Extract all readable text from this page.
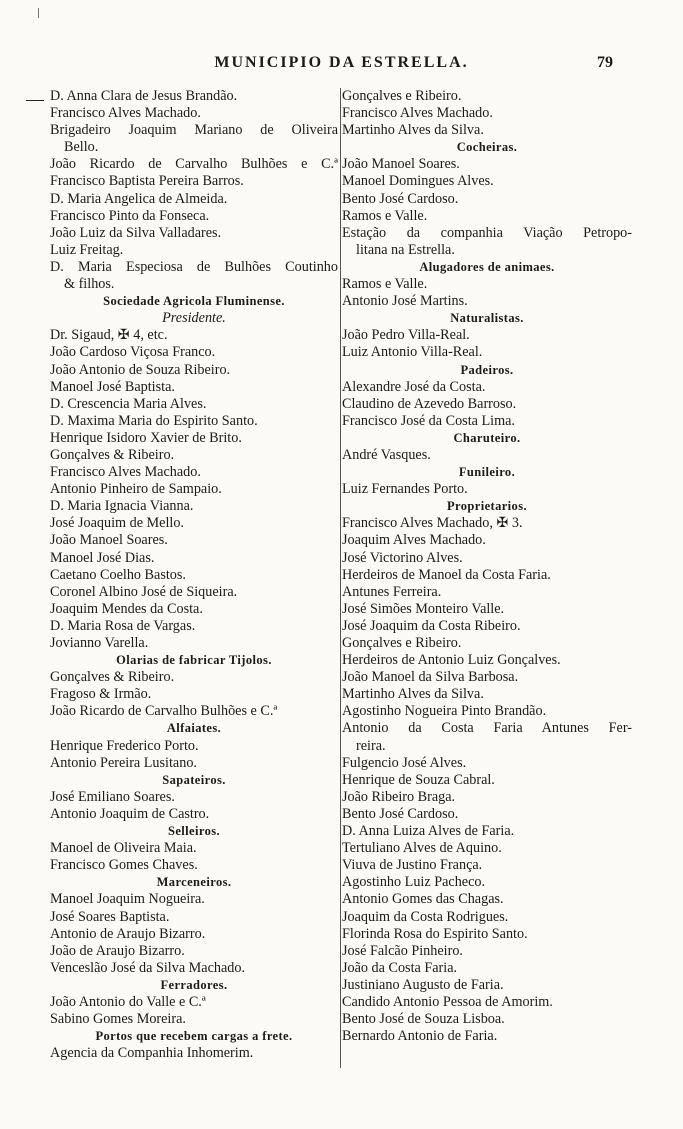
MUNICIPIO DA ESTRELLA.	79
D. Anna Clara de Jesus Brandão.
Francisco Alves Machado.
Brigadeiro Joaquim Mariano de Oliveira
Bello.
João Ricardo de Carvalho Bulhões e C.ª
Francisco Baptista Pereira Barros.
D. Maria Angelica de Almeida.
Francisco Pinto da Fonseca.
João Luiz da Silva Valladares.
Luiz Freitag.
D. Maria Especiosa de Bulhões Coutinho
& filhos.
Sociedade Agricola Fluminense.
Presidente.
Dr. Sigaud, ✠ 4, etc.
João Cardoso Viçosa Franco.
João Antonio de Souza Ribeiro.
Manoel José Baptista.
D. Crescencia Maria Alves.
D. Maxima Maria do Espirito Santo.
Henrique Isidoro Xavier de Brito.
Gonçalves & Ribeiro.
Francisco Alves Machado.
Antonio Pinheiro de Sampaio.
D. Maria Ignacia Vianna.
José Joaquim de Mello.
João Manoel Soares.
Manoel José Dias.
Caetano Coelho Bastos.
Coronel Albino José de Siqueira.
Joaquim Mendes da Costa.
D. Maria Rosa de Vargas.
Jovianno Varella.
Olarias de fabricar Tijolos.
Gonçalves & Ribeiro.
Fragoso & Irmão.
João Ricardo de Carvalho Bulhões e C.ª
Alfaiates.
Henrique Frederico Porto.
Antonio Pereira Lusitano.
Sapateiros.
José Emiliano Soares.
Antonio Joaquim de Castro.
Selleiros.
Manoel de Oliveira Maia.
Francisco Gomes Chaves.
Marceneiros.
Manoel Joaquim Nogueira.
José Soares Baptista.
Antonio de Araujo Bizarro.
João de Araujo Bizarro.
Venceslão José da Silva Machado.
Ferradores.
João Antonio do Valle e C.ª
Sabino Gomes Moreira.
Portos que recebem cargas a frete.
Agencia da Companhia Inhomerim.
Gonçalves e Ribeiro.
Francisco Alves Machado.
Martinho Alves da Silva.
Cocheiras.
João Manoel Soares.
Manoel Domingues Alves.
Bento José Cardoso.
Ramos e Valle.
Estação da companhia Viação Petropo-
litana na Estrella.
Alugadores de animaes.
Ramos e Valle.
Antonio José Martins.
Naturalistas.
João Pedro Villa-Real.
Luiz Antonio Villa-Real.
Padeiros.
Alexandre José da Costa.
Claudino de Azevedo Barroso.
Francisco José da Costa Lima.
Charuteiro.
André Vasques.
Funileiro.
Luiz Fernandes Porto.
Proprietarios.
Francisco Alves Machado, ✠ 3.
Joaquim Alves Machado.
José Victorino Alves.
Herdeiros de Manoel da Costa Faria.
Antunes Ferreira.
José Simões Monteiro Valle.
José Joaquim da Costa Ribeiro.
Gonçalves e Ribeiro.
Herdeiros de Antonio Luiz Gonçalves.
João Manoel da Silva Barbosa.
Martinho Alves da Silva.
Agostinho Nogueira Pinto Brandão.
Antonio da Costa Faria Antunes Fer-
reira.
Fulgencio José Alves.
Henrique de Souza Cabral.
João Ribeiro Braga.
Bento José Cardoso.
D. Anna Luiza Alves de Faria.
Tertuliano Alves de Aquino.
Viuva de Justino França.
Agostinho Luiz Pacheco.
Antonio Gomes das Chagas.
Joaquim da Costa Rodrigues.
Florinda Rosa do Espirito Santo.
José Falcão Pinheiro.
João da Costa Faria.
Justiniano Augusto de Faria.
Candido Antonio Pessoa de Amorim.
Bento José de Souza Lisboa.
Bernardo Antonio de Faria.
